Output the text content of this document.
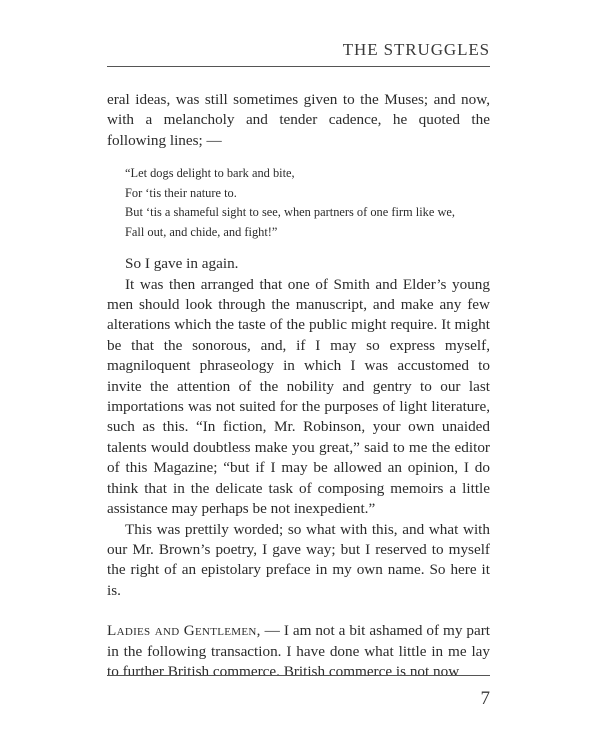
THE STRUGGLES

eral ideas, was still sometimes given to the Muses; and now, with a melancholy and tender cadence, he quoted the following lines; —

“Let dogs delight to bark and bite,
For ‘tis their nature to.
But ‘tis a shameful sight to see, when partners of one firm like we,
Fall out, and chide, and fight!”

So I gave in again.

It was then arranged that one of Smith and Elder’s young men should look through the manuscript, and make any few alterations which the taste of the public might require. It might be that the sonorous, and, if I may so express myself, magniloquent phraseology in which I was accustomed to invite the attention of the nobility and gentry to our last importations was not suited for the purposes of light literature, such as this. “In fiction, Mr. Robinson, your own unaided talents would doubtless make you great,” said to me the editor of this Magazine; “but if I may be allowed an opinion, I do think that in the delicate task of composing memoirs a little assistance may perhaps be not inexpedient.”

This was prettily worded; so what with this, and what with our Mr. Brown’s poetry, I gave way; but I reserved to myself the right of an epistolary preface in my own name. So here it is.

Ladies and Gentlemen, — I am not a bit ashamed of my part in the following transaction. I have done what little in me lay to further British commerce. British commerce is not now

7
